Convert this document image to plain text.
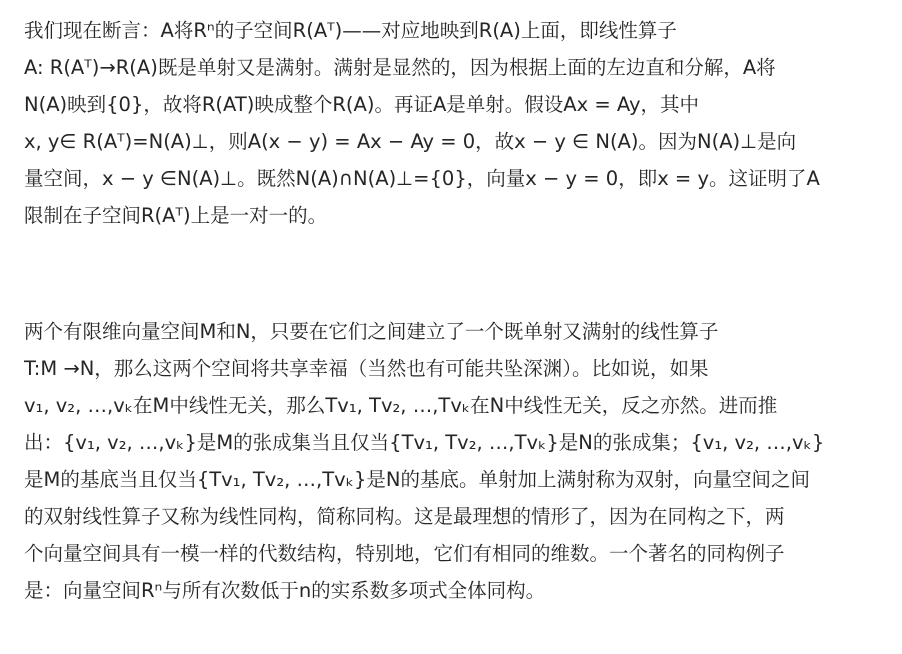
我们现在断言：A将Rⁿ的子空间R(Aᵀ)——对应地映到R(A)上面，即线性算子
A: R(Aᵀ)→R(A)既是单射又是满射。满射是显然的，因为根据上面的左边直和分解，A将
N(A)映到{0}，故将R(AT)映成整个R(A)。再证A是单射。假设Ax = Ay，其中
x, y∈ R(Aᵀ)=N(A)⊥，则A(x − y) = Ax − Ay = 0，故x − y ∈ N(A)。因为N(A)⊥是向
量空间，x − y ∈N(A)⊥。既然N(A)∩N(A)⊥={0}，向量x − y = 0，即x = y。这证明了A
限制在子空间R(Aᵀ)上是一对一的。
两个有限维向量空间M和N，只要在它们之间建立了一个既单射又满射的线性算子
T:M →N，那么这两个空间将共享幸福（当然也有可能共坠深渊）。比如说，如果
v₁, v₂, …,vₖ在M中线性无关，那么Tv₁, Tv₂, …,Tvₖ在N中线性无关，反之亦然。进而推
出：{v₁, v₂, …,vₖ}是M的张成集当且仅当{Tv₁, Tv₂, …,Tvₖ}是N的张成集；{v₁, v₂, …,vₖ}
是M的基底当且仅当{Tv₁, Tv₂, …,Tvₖ}是N的基底。单射加上满射称为双射，向量空间之间
的双射线性算子又称为线性同构，简称同构。这是最理想的情形了，因为在同构之下，两
个向量空间具有一模一样的代数结构，特别地，它们有相同的维数。一个著名的同构例子
是：向量空间Rⁿ与所有次数低于n的实系数多项式全体同构。
